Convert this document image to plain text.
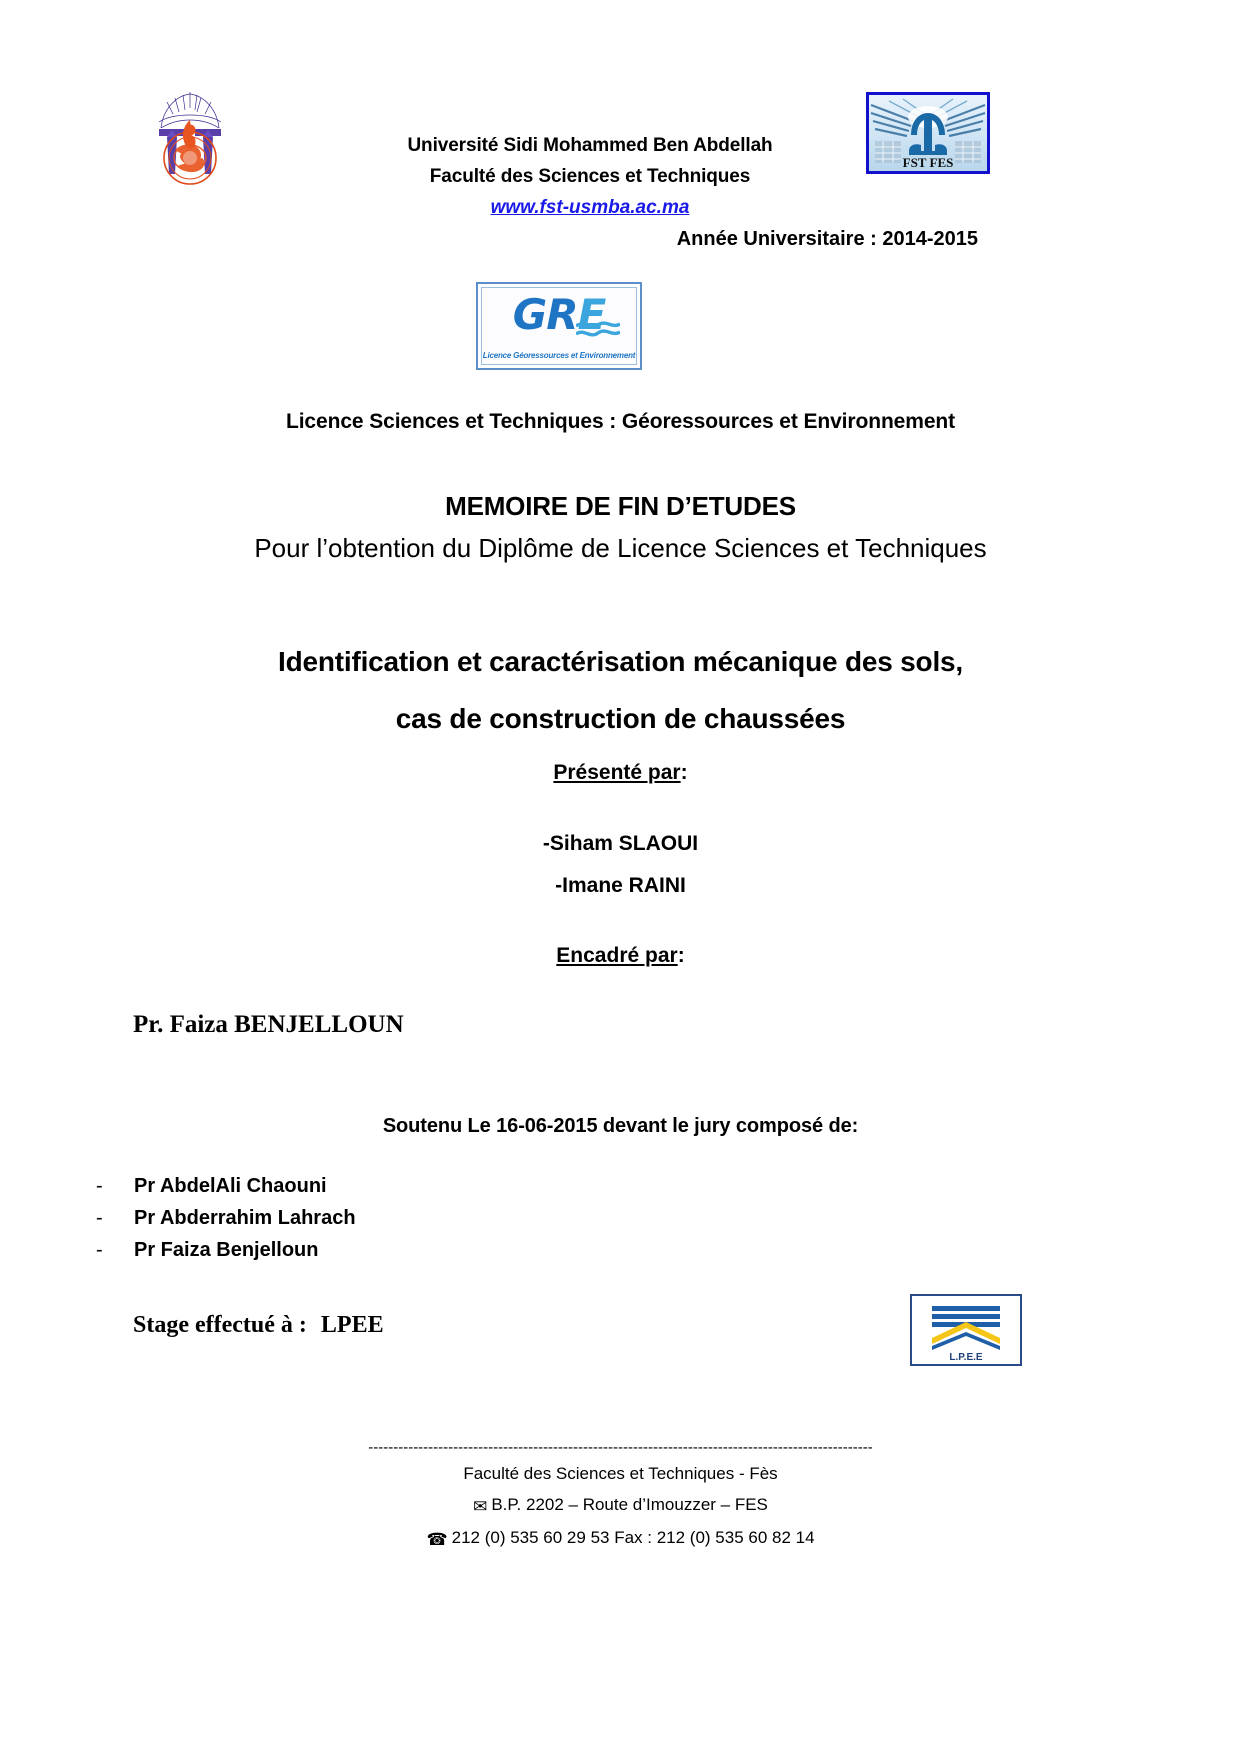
Université Sidi Mohammed Ben Abdellah
Faculté des Sciences et Techniques
www.fst-usmba.ac.ma
FST FES
Année Universitaire : 2014-2015
GRE
Licence Géoressources et Environnement
Licence Sciences et Techniques : Géoressources et Environnement
MEMOIRE DE FIN D’ETUDES
Pour l’obtention du Diplôme de Licence Sciences et Techniques
Identification et caractérisation mécanique des sols,
cas de construction de chaussées
Présenté par:
-Siham SLAOUI
-Imane RAINI
Encadré par:
Pr. Faiza BENJELLOUN
Soutenu Le 16-06-2015 devant le jury composé de:
-	Pr AbdelAli Chaouni
-	Pr Abderrahim Lahrach
-	Pr Faiza Benjelloun
Stage effectué à : LPEE
L.P.E.E
-----------------------------------------------------------------------------------------------------
Faculté des Sciences et Techniques - Fès
✉ B.P. 2202 – Route d’Imouzzer – FES
☎ 212 (0) 535 60 29 53 Fax : 212 (0) 535 60 82 14
